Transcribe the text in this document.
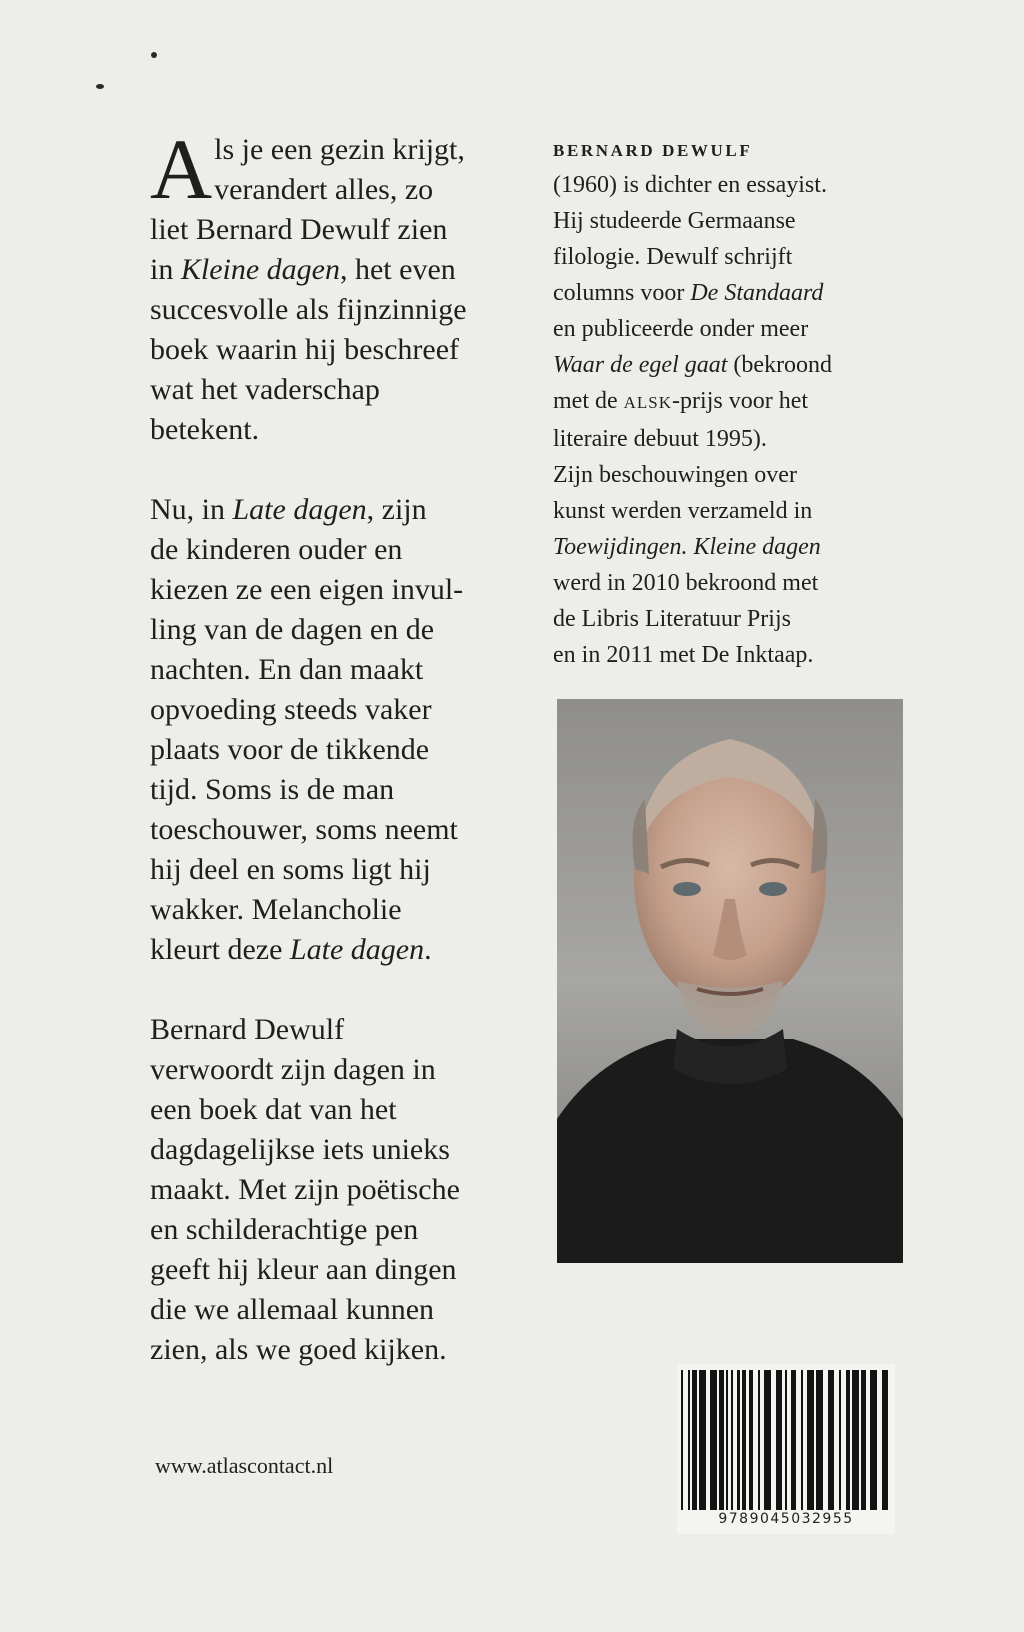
A ls je een gezin krijgt,
verandert alles, zo
liet Bernard Dewulf zien
in Kleine dagen, het even
succesvolle als fijnzinnige
boek waarin hij beschreef
wat het vaderschap
betekent.

Nu, in Late dagen, zijn
de kinderen ouder en
kiezen ze een eigen invul-
ling van de dagen en de
nachten. En dan maakt
opvoeding steeds vaker
plaats voor de tikkende
tijd. Soms is de man
toeschouwer, soms neemt
hij deel en soms ligt hij
wakker. Melancholie
kleurt deze Late dagen.

Bernard Dewulf
verwoordt zijn dagen in
een boek dat van het
dagdagelijkse iets unieks
maakt. Met zijn poëtische
en schilderachtige pen
geeft hij kleur aan dingen
die we allemaal kunnen
zien, als we goed kijken.

www.atlascontact.nl
BERNARD DEWULF
(1960) is dichter en essayist.
Hij studeerde Germaanse
filologie. Dewulf schrijft
columns voor De Standaard
en publiceerde onder meer
Waar de egel gaat (bekroond
met de ALSK-prijs voor het
literaire debuut 1995).
Zijn beschouwingen over
kunst werden verzameld in
Toewijdingen. Kleine dagen
werd in 2010 bekroond met
de Libris Literatuur Prijs
en in 2011 met De Inktaap.
9789045032955
